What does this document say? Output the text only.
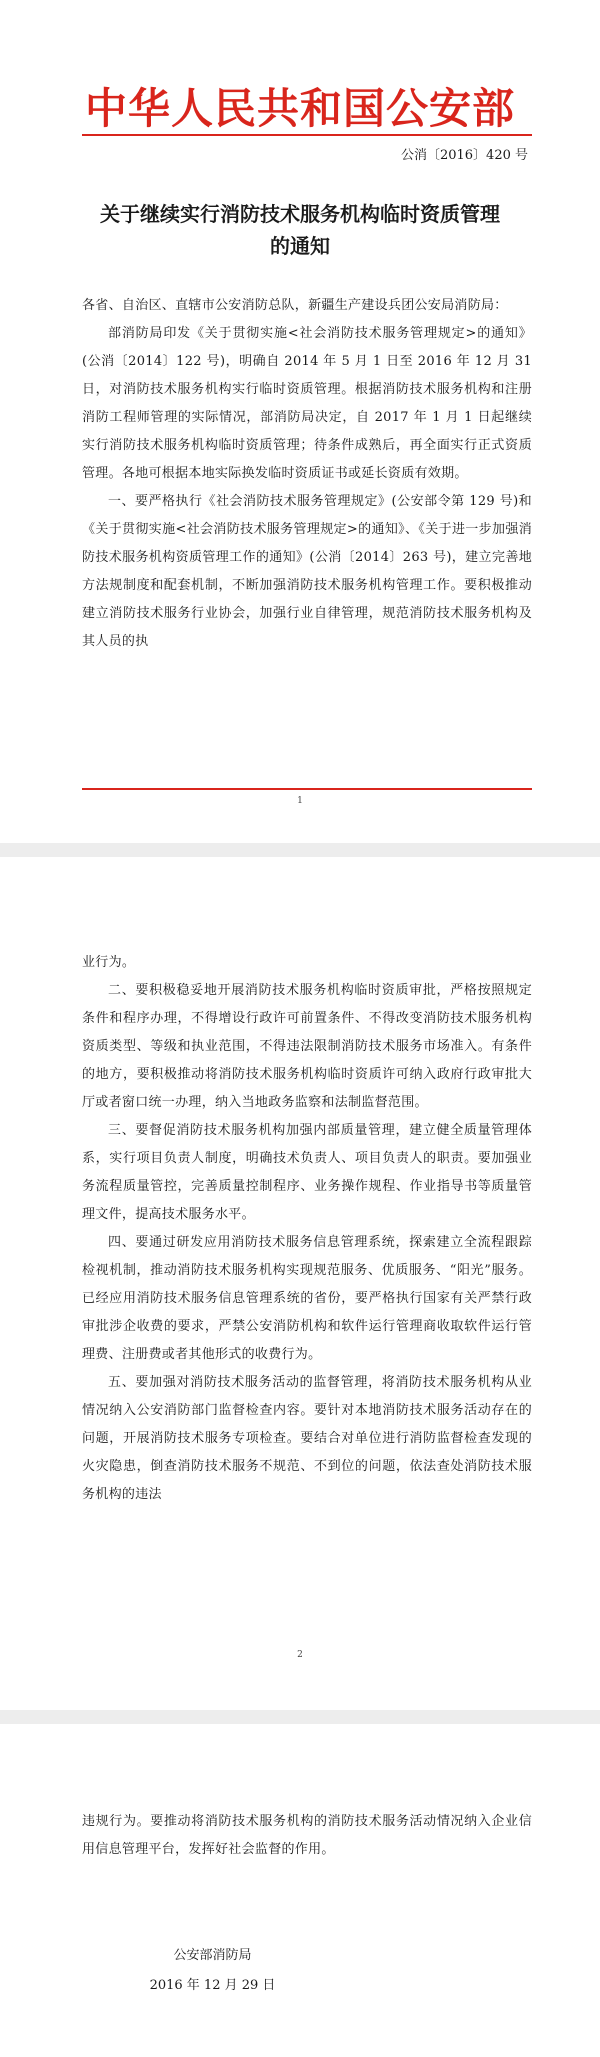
中华人民共和国公安部
公消〔2016〕420 号
关于继续实行消防技术服务机构临时资质管理
的通知

各省、自治区、直辖市公安消防总队，新疆生产建设兵团公安局消防局：

部消防局印发《关于贯彻实施<社会消防技术服务管理规定>的通知》(公消〔2014〕122 号)，明确自 2014 年 5 月 1 日至 2016 年 12 月 31 日，对消防技术服务机构实行临时资质管理。根据消防技术服务机构和注册消防工程师管理的实际情况，部消防局决定，自 2017 年 1 月 1 日起继续实行消防技术服务机构临时资质管理；待条件成熟后，再全面实行正式资质管理。各地可根据本地实际换发临时资质证书或延长资质有效期。

一、要严格执行《社会消防技术服务管理规定》(公安部令第 129 号)和《关于贯彻实施<社会消防技术服务管理规定>的通知》、《关于进一步加强消防技术服务机构资质管理工作的通知》(公消〔2014〕263 号)，建立完善地方法规制度和配套机制，不断加强消防技术服务机构管理工作。要积极推动建立消防技术服务行业协会，加强行业自律管理，规范消防技术服务机构及其人员的执

1

业行为。

二、要积极稳妥地开展消防技术服务机构临时资质审批，严格按照规定条件和程序办理，不得增设行政许可前置条件、不得改变消防技术服务机构资质类型、等级和执业范围，不得违法限制消防技术服务市场准入。有条件的地方，要积极推动将消防技术服务机构临时资质许可纳入政府行政审批大厅或者窗口统一办理，纳入当地政务监察和法制监督范围。

三、要督促消防技术服务机构加强内部质量管理，建立健全质量管理体系，实行项目负责人制度，明确技术负责人、项目负责人的职责。要加强业务流程质量管控，完善质量控制程序、业务操作规程、作业指导书等质量管理文件，提高技术服务水平。

四、要通过研发应用消防技术服务信息管理系统，探索建立全流程跟踪检视机制，推动消防技术服务机构实现规范服务、优质服务、“阳光”服务。已经应用消防技术服务信息管理系统的省份，要严格执行国家有关严禁行政审批涉企收费的要求，严禁公安消防机构和软件运行管理商收取软件运行管理费、注册费或者其他形式的收费行为。

五、要加强对消防技术服务活动的监督管理，将消防技术服务机构从业情况纳入公安消防部门监督检查内容。要针对本地消防技术服务活动存在的问题，开展消防技术服务专项检查。要结合对单位进行消防监督检查发现的火灾隐患，倒查消防技术服务不规范、不到位的问题，依法查处消防技术服务机构的违法

2

违规行为。要推动将消防技术服务机构的消防技术服务活动情况纳入企业信用信息管理平台，发挥好社会监督的作用。

公安部消防局
2016 年 12 月 29 日
